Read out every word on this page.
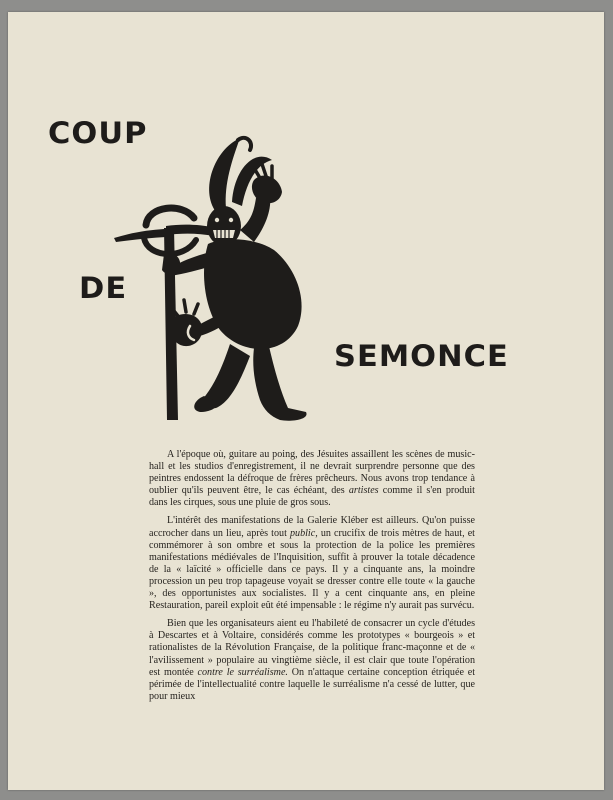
COUP
DE
SEMONCE

A l'époque où, guitare au poing, des Jésuites assaillent les scènes de music-hall et les studios d'enregistrement, il ne devrait surprendre personne que des peintres endossent la défroque de frères prêcheurs. Nous avons trop tendance à oublier qu'ils peuvent être, le cas échéant, des artistes comme il s'en produit dans les cirques, sous une pluie de gros sous.

L'intérêt des manifestations de la Galerie Kléber est ailleurs. Qu'on puisse accrocher dans un lieu, après tout public, un crucifix de trois mètres de haut, et commémorer à son ombre et sous la protection de la police les premières manifestations médiévales de l'Inquisition, suffit à prouver la totale décadence de la « laïcité » officielle dans ce pays. Il y a cinquante ans, la moindre procession un peu trop tapageuse voyait se dresser contre elle toute « la gauche », des opportunistes aux socialistes. Il y a cent cinquante ans, en pleine Restauration, pareil exploit eût été impensable : le régime n'y aurait pas survécu.

Bien que les organisateurs aient eu l'habileté de consacrer un cycle d'études à Descartes et à Voltaire, considérés comme les prototypes « bourgeois » et rationalistes de la Révolution Française, de la politique franc-maçonne et de « l'avilissement » populaire au vingtième siècle, il est clair que toute l'opération est montée contre le surréalisme. On n'attaque certaine conception étriquée et périmée de l'intellectualité contre laquelle le surréalisme n'a cessé de lutter, que pour mieux
